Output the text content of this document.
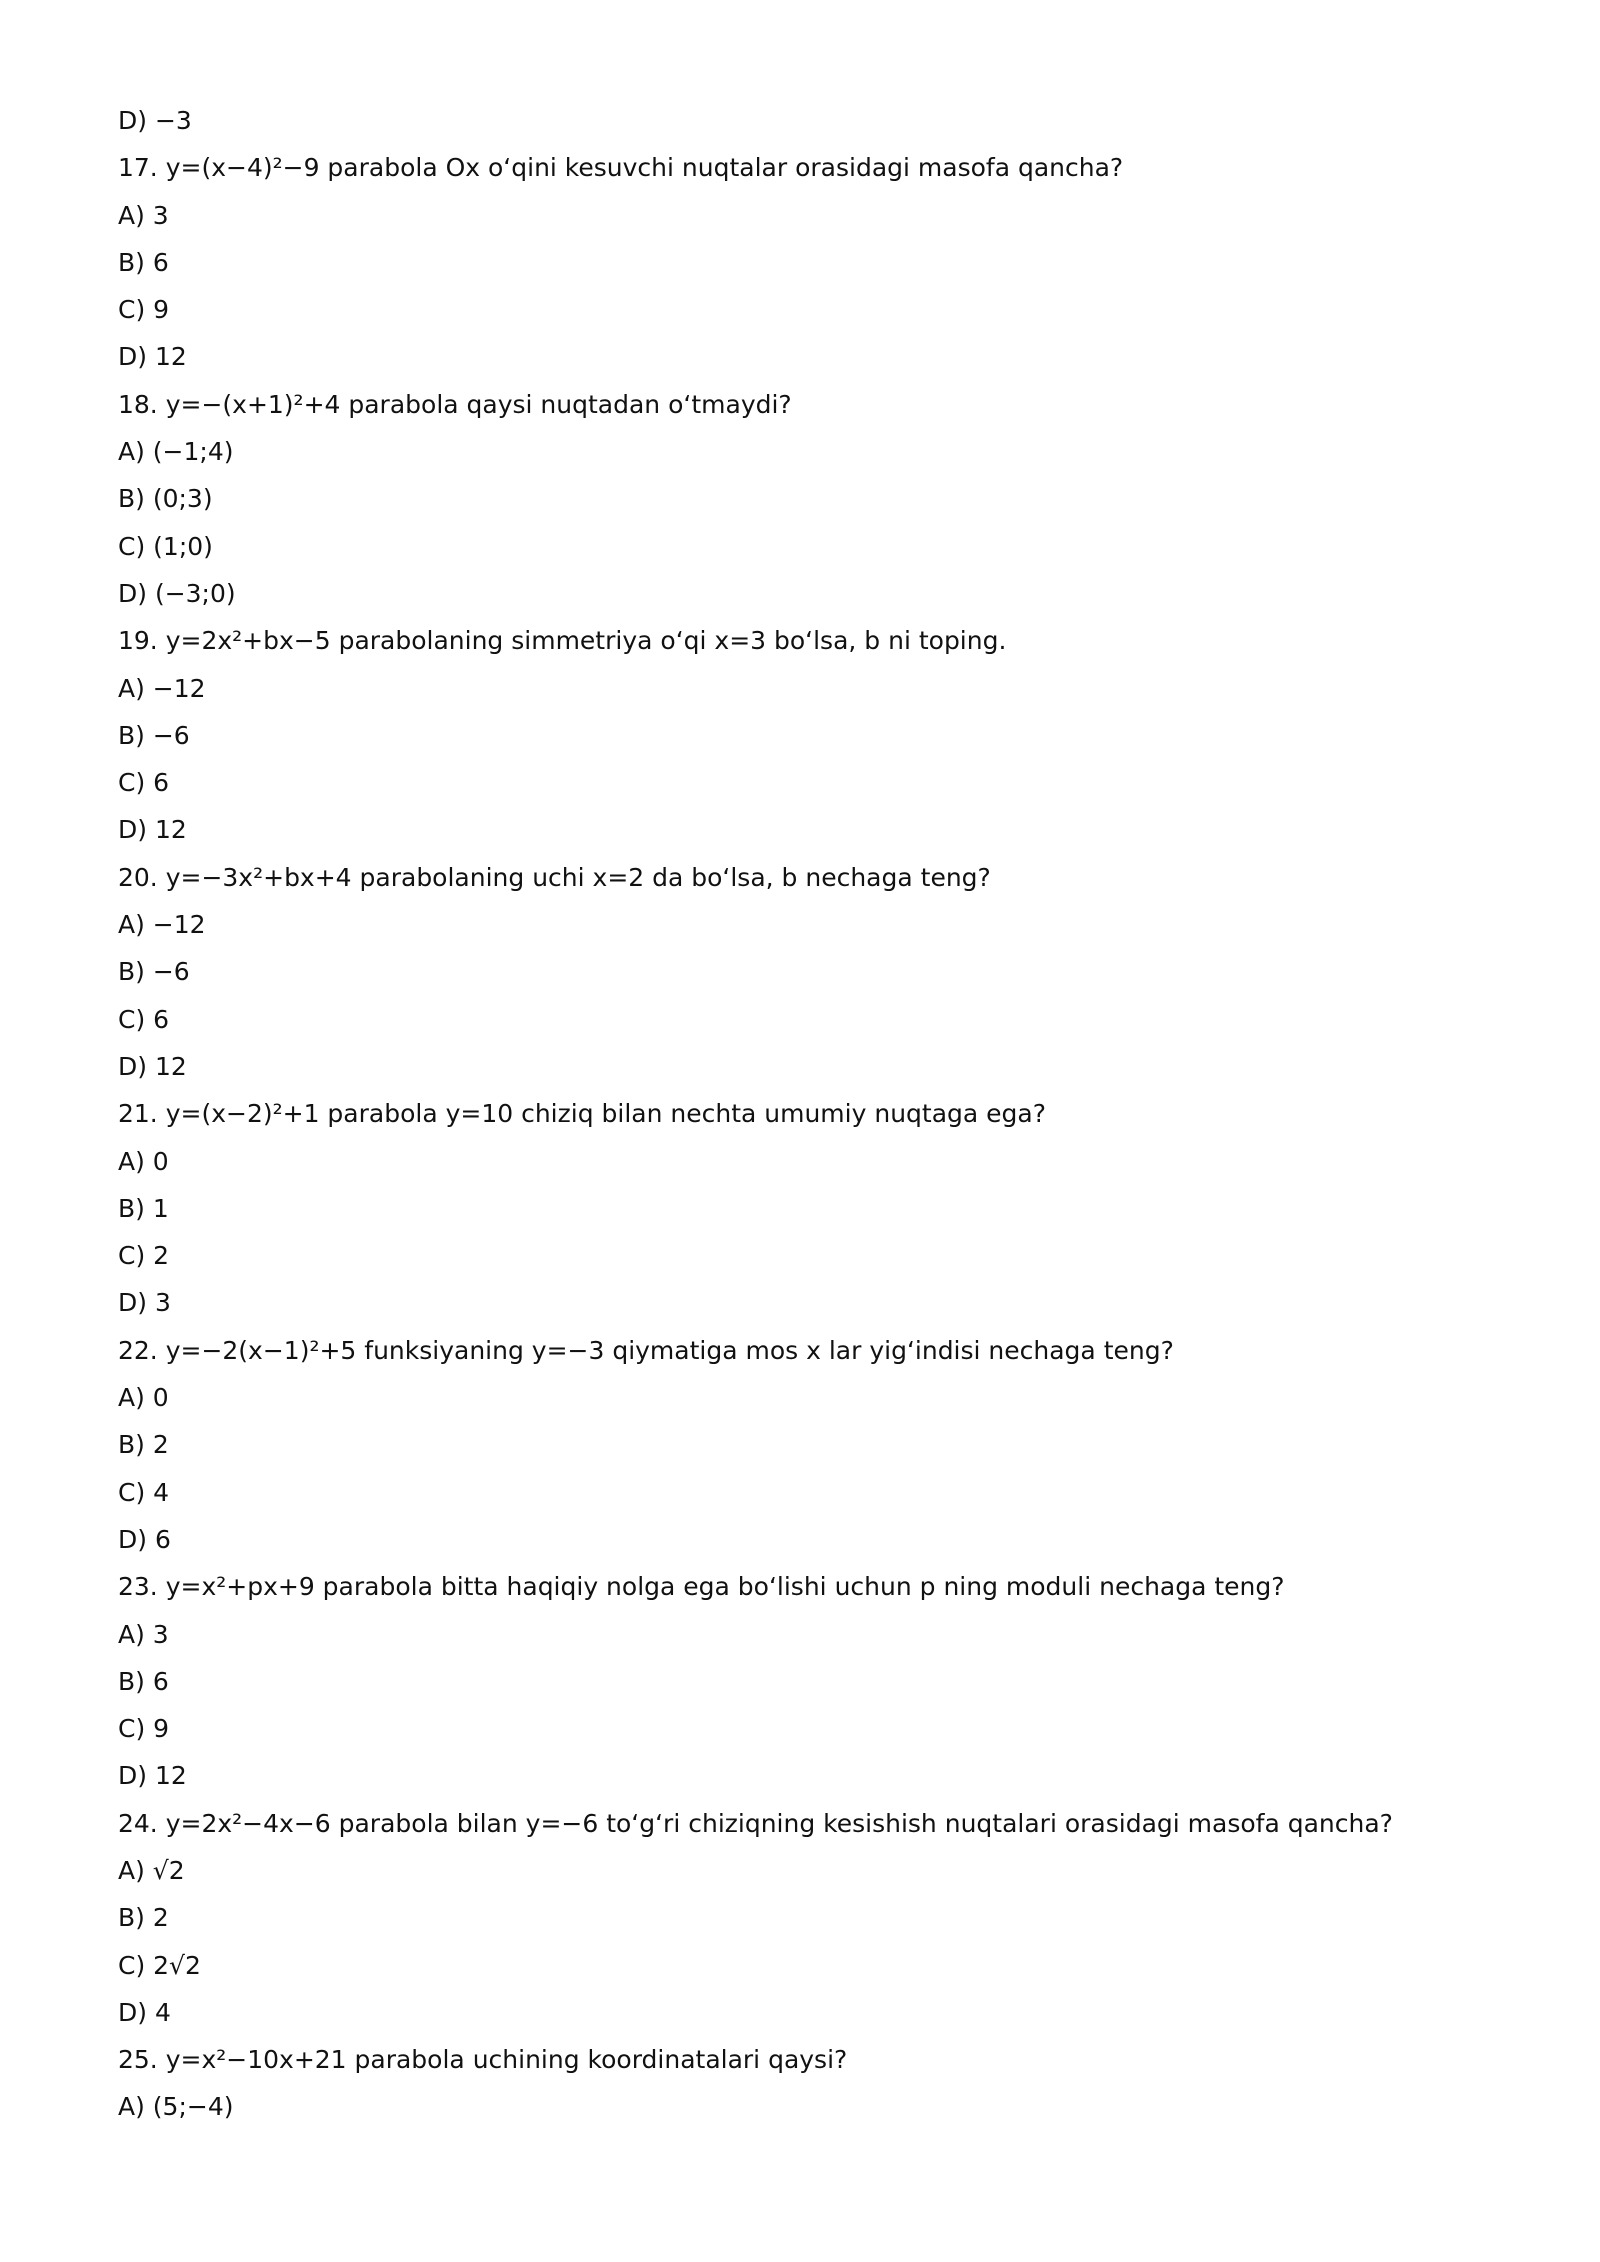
D) −3
17. y=(x−4)²−9 parabola Ox o‘qini kesuvchi nuqtalar orasidagi masofa qancha?
A) 3
B) 6
C) 9
D) 12
18. y=−(x+1)²+4 parabola qaysi nuqtadan o‘tmaydi?
A) (−1;4)
B) (0;3)
C) (1;0)
D) (−3;0)
19. y=2x²+bx−5 parabolaning simmetriya o‘qi x=3 bo‘lsa, b ni toping.
A) −12
B) −6
C) 6
D) 12
20. y=−3x²+bx+4 parabolaning uchi x=2 da bo‘lsa, b nechaga teng?
A) −12
B) −6
C) 6
D) 12
21. y=(x−2)²+1 parabola y=10 chiziq bilan nechta umumiy nuqtaga ega?
A) 0
B) 1
C) 2
D) 3
22. y=−2(x−1)²+5 funksiyaning y=−3 qiymatiga mos x lar yig‘indisi nechaga teng?
A) 0
B) 2
C) 4
D) 6
23. y=x²+px+9 parabola bitta haqiqiy nolga ega bo‘lishi uchun p ning moduli nechaga teng?
A) 3
B) 6
C) 9
D) 12
24. y=2x²−4x−6 parabola bilan y=−6 to‘g‘ri chiziqning kesishish nuqtalari orasidagi masofa qancha?
A) √2
B) 2
C) 2√2
D) 4
25. y=x²−10x+21 parabola uchining koordinatalari qaysi?
A) (5;−4)
